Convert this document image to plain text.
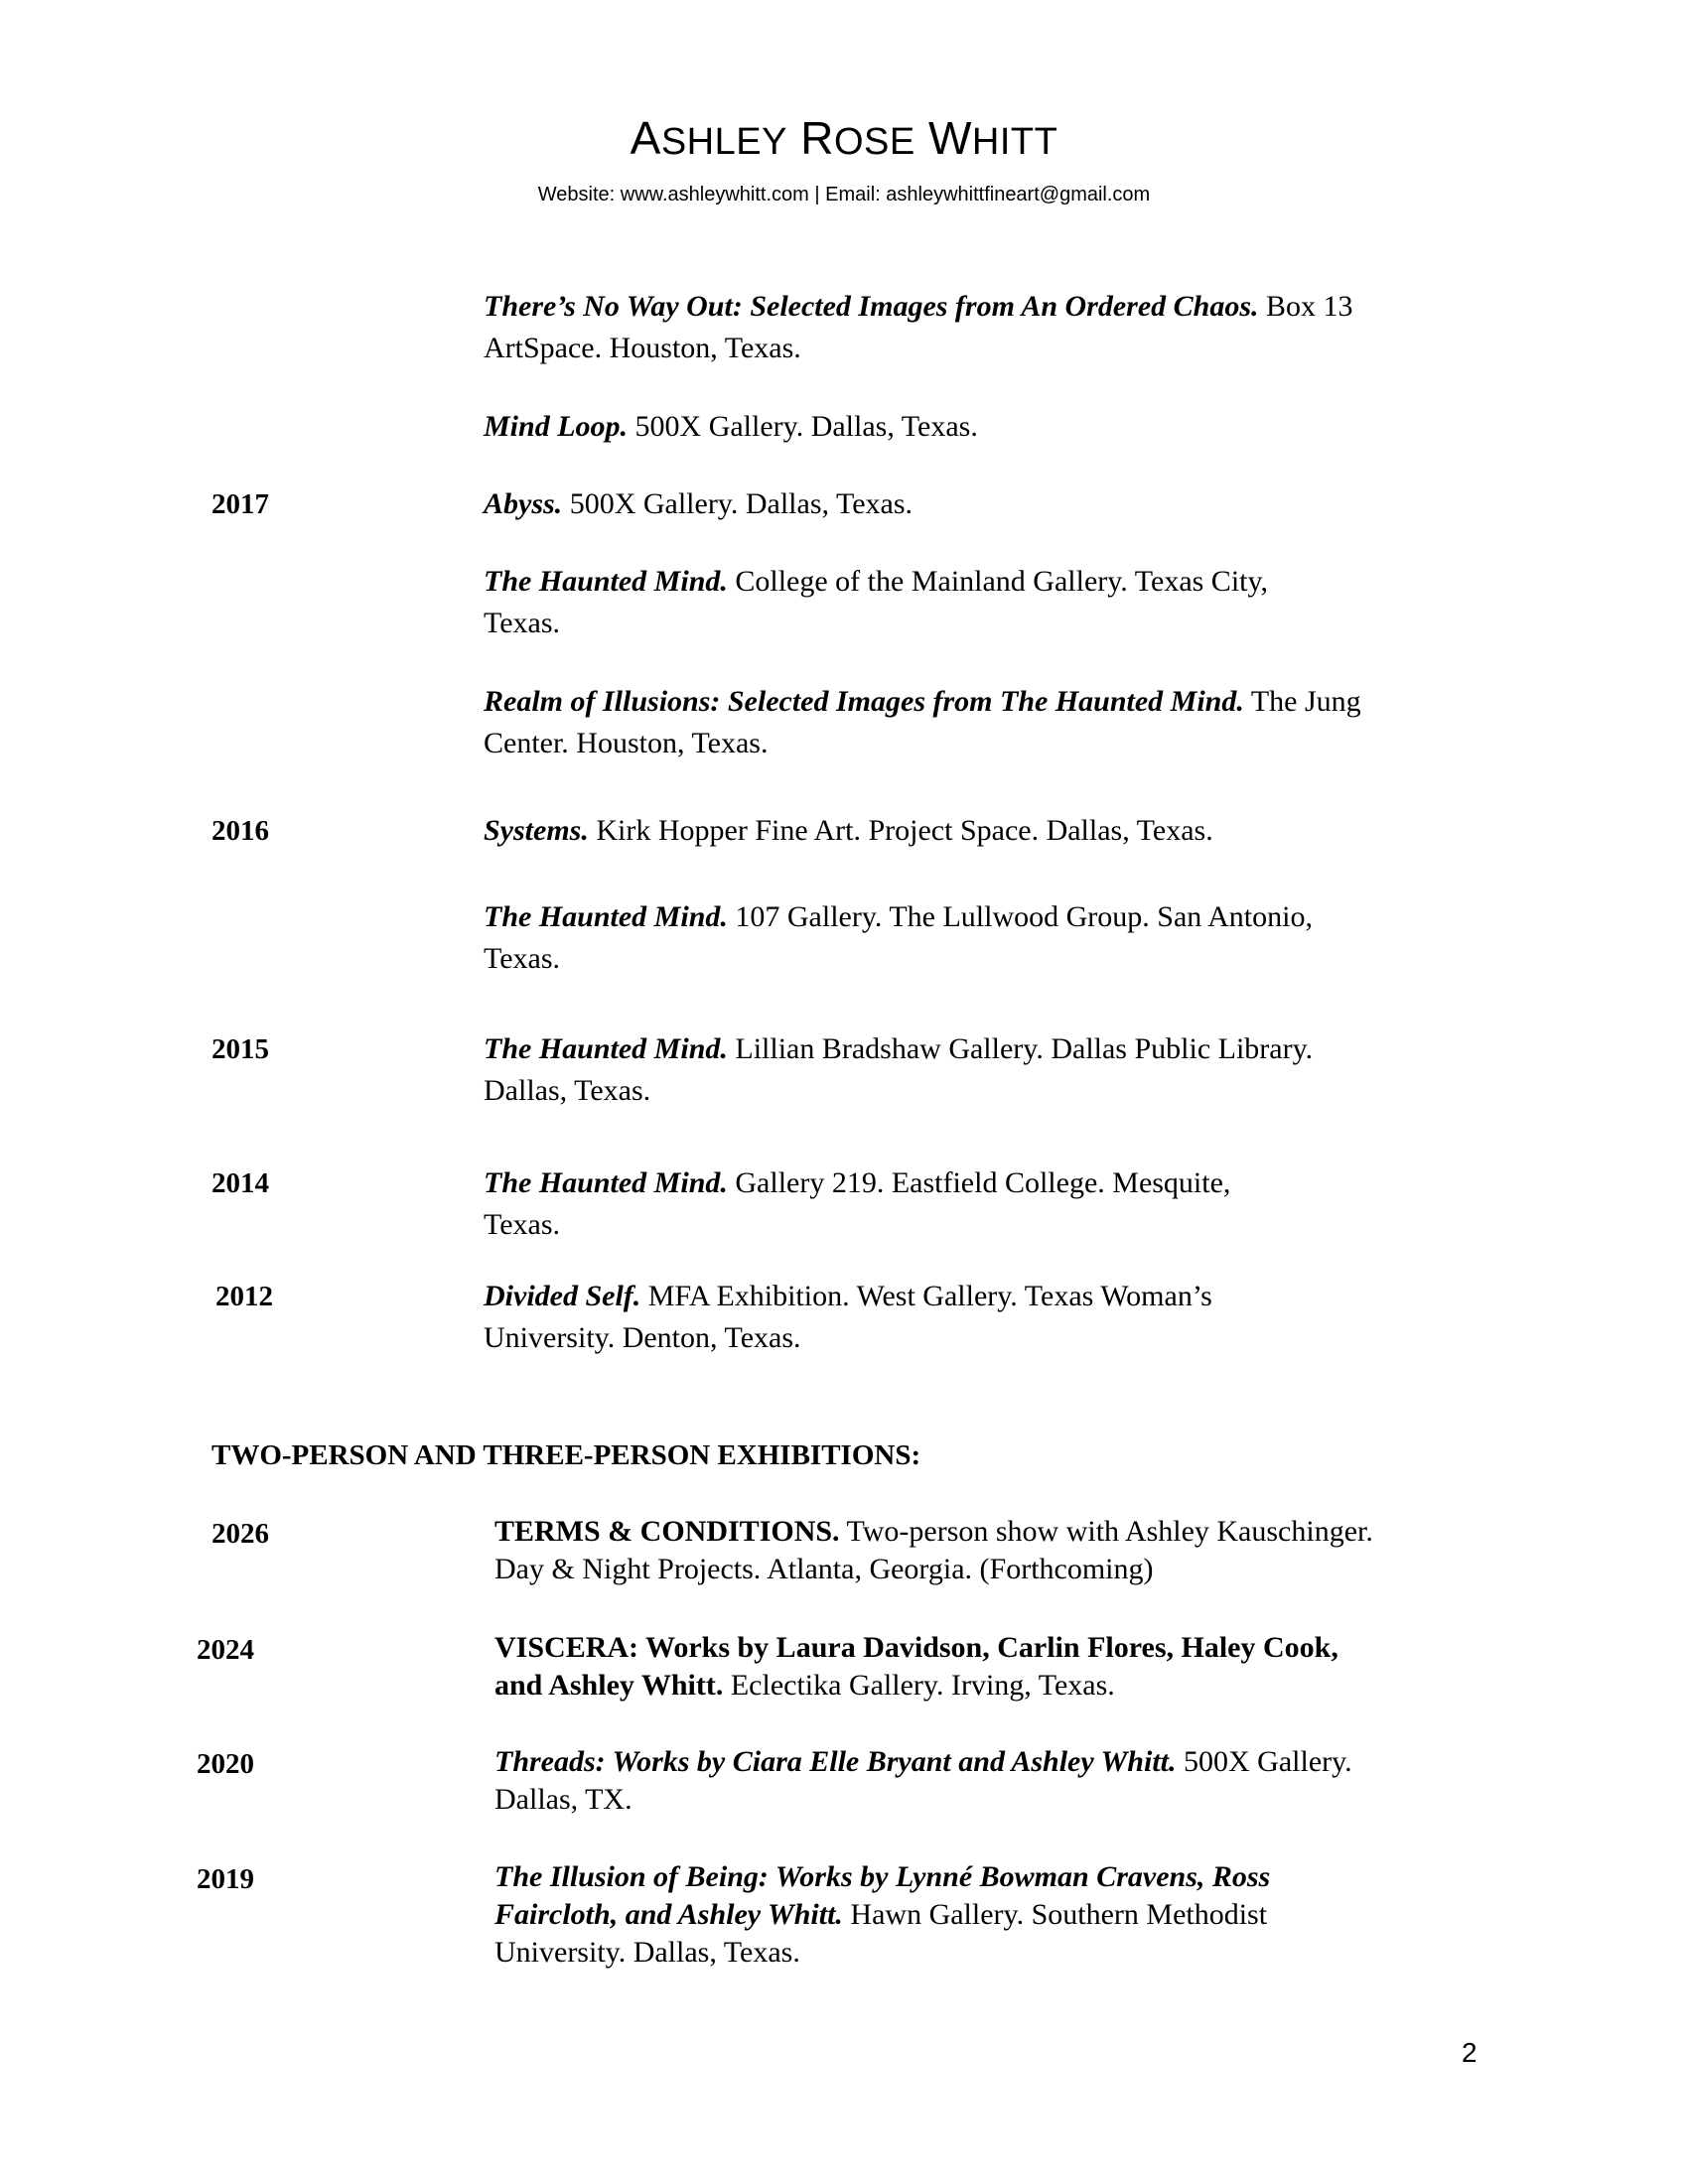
ASHLEY ROSE WHITT
Website: www.ashleywhitt.com | Email: ashleywhittfineart@gmail.com
There’s No Way Out: Selected Images from An Ordered Chaos. Box 13
ArtSpace. Houston, Texas.
Mind Loop. 500X Gallery. Dallas, Texas.
2017	Abyss. 500X Gallery. Dallas, Texas.
The Haunted Mind. College of the Mainland Gallery. Texas City,
Texas.
Realm of Illusions: Selected Images from The Haunted Mind. The Jung
Center. Houston, Texas.
2016	Systems. Kirk Hopper Fine Art. Project Space. Dallas, Texas.
The Haunted Mind. 107 Gallery. The Lullwood Group. San Antonio,
Texas.
2015	The Haunted Mind. Lillian Bradshaw Gallery. Dallas Public Library.
Dallas, Texas.
2014	The Haunted Mind. Gallery 219. Eastfield College. Mesquite,
Texas.
2012	Divided Self. MFA Exhibition. West Gallery. Texas Woman’s
University. Denton, Texas.
TWO-PERSON AND THREE-PERSON EXHIBITIONS:
2026	TERMS & CONDITIONS. Two-person show with Ashley Kauschinger.
Day & Night Projects. Atlanta, Georgia. (Forthcoming)
2024	VISCERA: Works by Laura Davidson, Carlin Flores, Haley Cook,
and Ashley Whitt. Eclectika Gallery. Irving, Texas.
2020	Threads: Works by Ciara Elle Bryant and Ashley Whitt. 500X Gallery.
Dallas, TX.
2019	The Illusion of Being: Works by Lynné Bowman Cravens, Ross
Faircloth, and Ashley Whitt. Hawn Gallery. Southern Methodist
University. Dallas, Texas.
2
